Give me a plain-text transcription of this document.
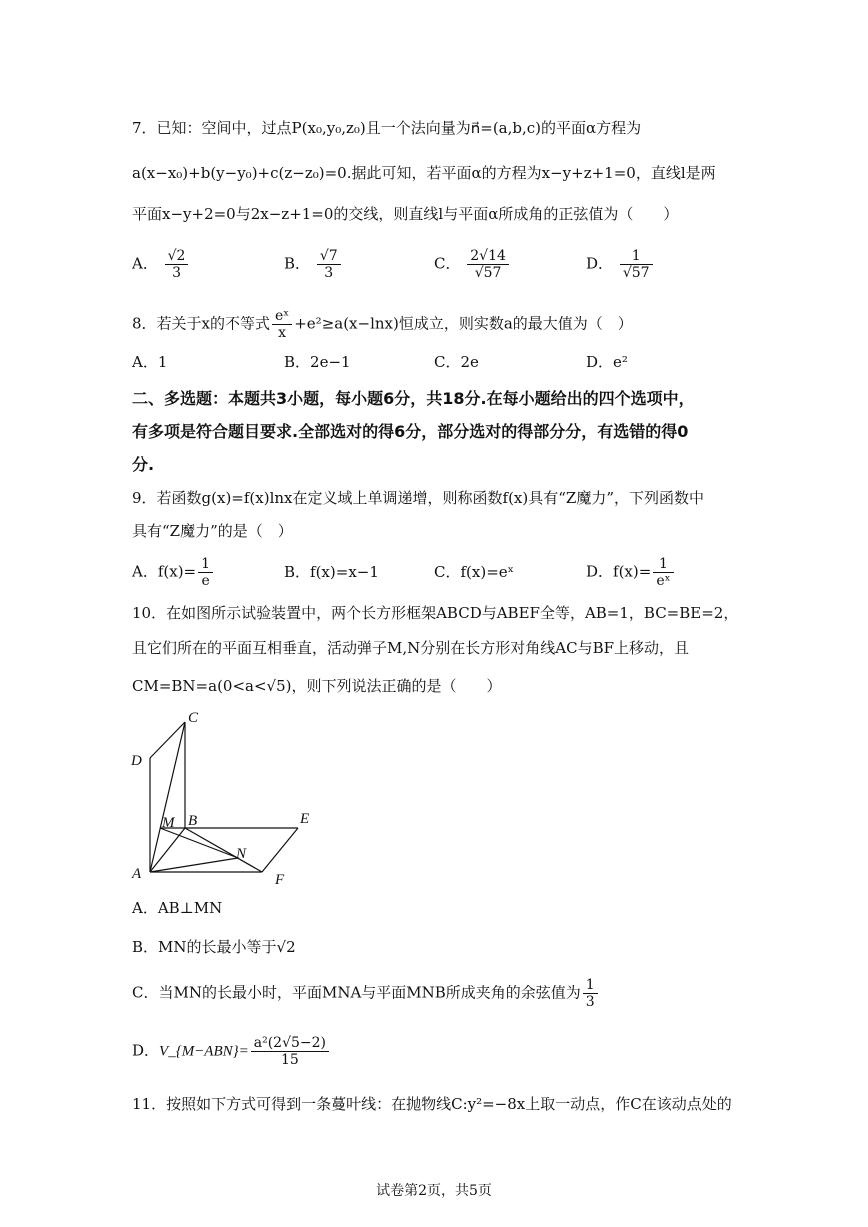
7．已知：空间中，过点P(x₀,y₀,z₀)且一个法向量为n⃗=(a,b,c)的平面α方程为
a(x−x₀)+b(y−y₀)+c(z−z₀)=0.据此可知，若平面α的方程为x−y+z+1=0，直线l是两
平面x−y+2=0与2x−z+1=0的交线，则直线l与平面α所成角的正弦值为（　　）
A． $\frac{√2}{3}$	B． $\frac{√7}{3}$	C． $\frac{2√14}{√57}$	D． $\frac{1}{√57}$
8．若关于x的不等式 $\frac{\text{eˣ}}{x} +e^2\ge a(x-\ln x)$恒成立，则实数a的最大值为（　）
A．1	B．2e−1	C．2e	D．e²
二、多选题：本题共3小题，每小题6分，共18分.在每小题给出的四个选项中，
有多项是符合题目要求.全部选对的得6分，部分选对的得部分分，有选错的得0
分.
9．若函数g(x)=f(x)lnx在定义域上单调递增，则称函数f(x)具有“Z魔力”，下列函数中
具有“Z魔力”的是（　）
A．$f(x)= \frac{1}{e}$	B．f(x)=x−1	C．f(x)=eˣ	D．$f(x)= \frac{1}{\text{eˣ}}$
10．在如图所示试验装置中，两个长方形框架ABCD与ABEF全等，AB=1，BC=BE=2，
且它们所在的平面互相垂直，活动弹子M,N分别在长方形对角线AC与BF上移动，且
CM=BN=a(0<a<√5)，则下列说法正确的是（　　）
C
D
M B	E
N
A	F
A．AB⊥MN
B．MN的长最小等于√2
C．当MN的长最小时，平面MNA与平面MNB所成夹角的余弦值为 $\frac{1}{3}$
D．V_{M−ABN}= $\frac{\text{a²(2√5−2)}}{15}$
11．按照如下方式可得到一条蔓叶线：在抛物线C:y²=−8x上取一动点，作C在该动点处的
试卷第2页，共5页
